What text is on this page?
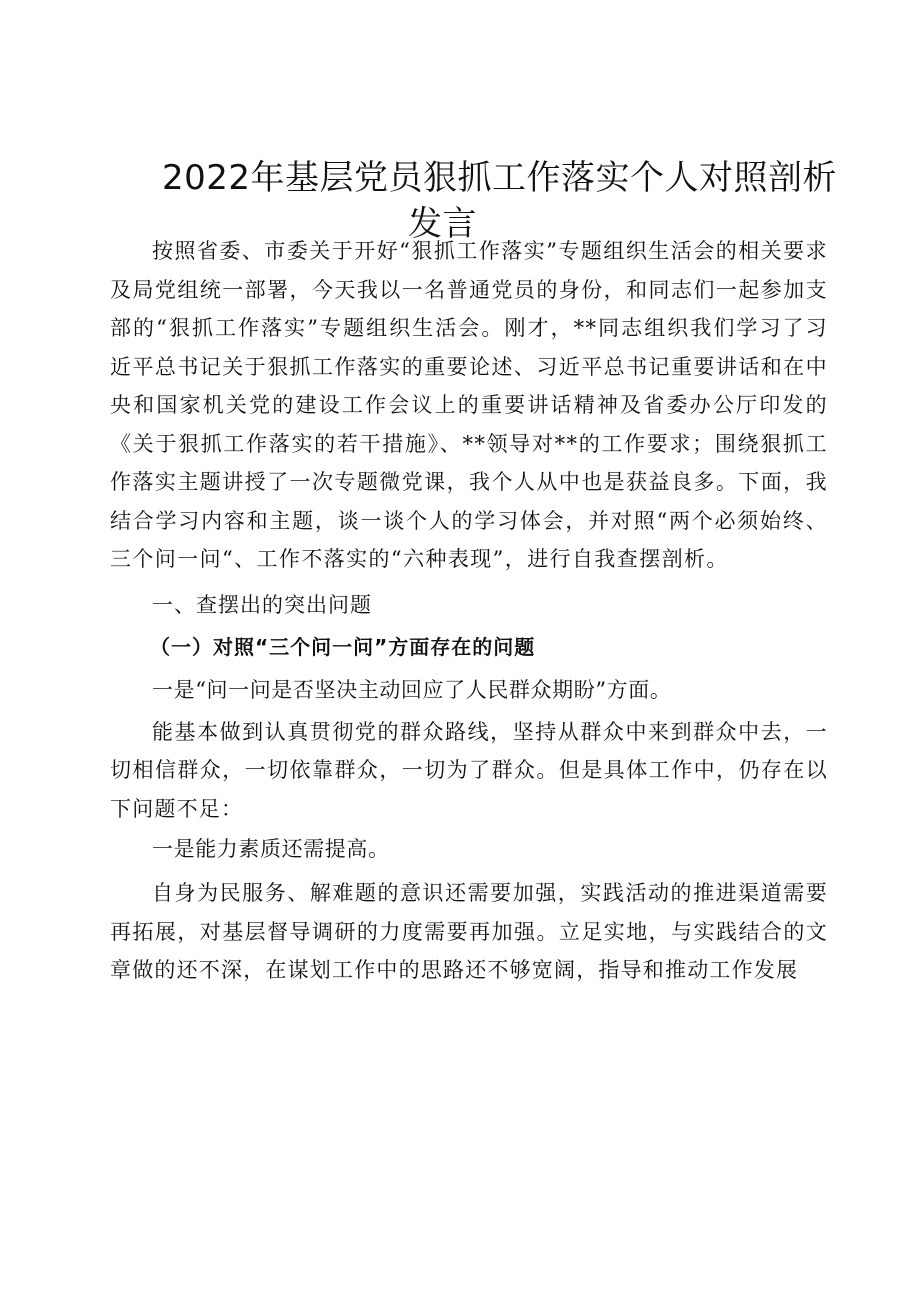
2022年基层党员狠抓工作落实个人对照剖析
发言

按照省委、市委关于开好“狠抓工作落实”专题组织生活会的相关要求及局党组统一部署，今天我以一名普通党员的身份，和同志们一起参加支部的“狠抓工作落实”专题组织生活会。刚才，**同志组织我们学习了习近平总书记关于狠抓工作落实的重要论述、习近平总书记重要讲话和在中央和国家机关党的建设工作会议上的重要讲话精神及省委办公厅印发的《关于狠抓工作落实的若干措施》、**领导对**的工作要求；围绕狠抓工作落实主题讲授了一次专题微党课，我个人从中也是获益良多。下面，我结合学习内容和主题，谈一谈个人的学习体会，并对照“两个必须始终、三个问一问“、工作不落实的“六种表现”，进行自我查摆剖析。

一、查摆出的突出问题

（一）对照“三个问一问”方面存在的问题

一是“问一问是否坚决主动回应了人民群众期盼”方面。

能基本做到认真贯彻党的群众路线，坚持从群众中来到群众中去，一切相信群众，一切依靠群众，一切为了群众。但是具体工作中，仍存在以下问题不足：

一是能力素质还需提高。

自身为民服务、解难题的意识还需要加强，实践活动的推进渠道需要再拓展，对基层督导调研的力度需要再加强。立足实地，与实践结合的文章做的还不深，在谋划工作中的思路还不够宽阔，指导和推动工作发展
